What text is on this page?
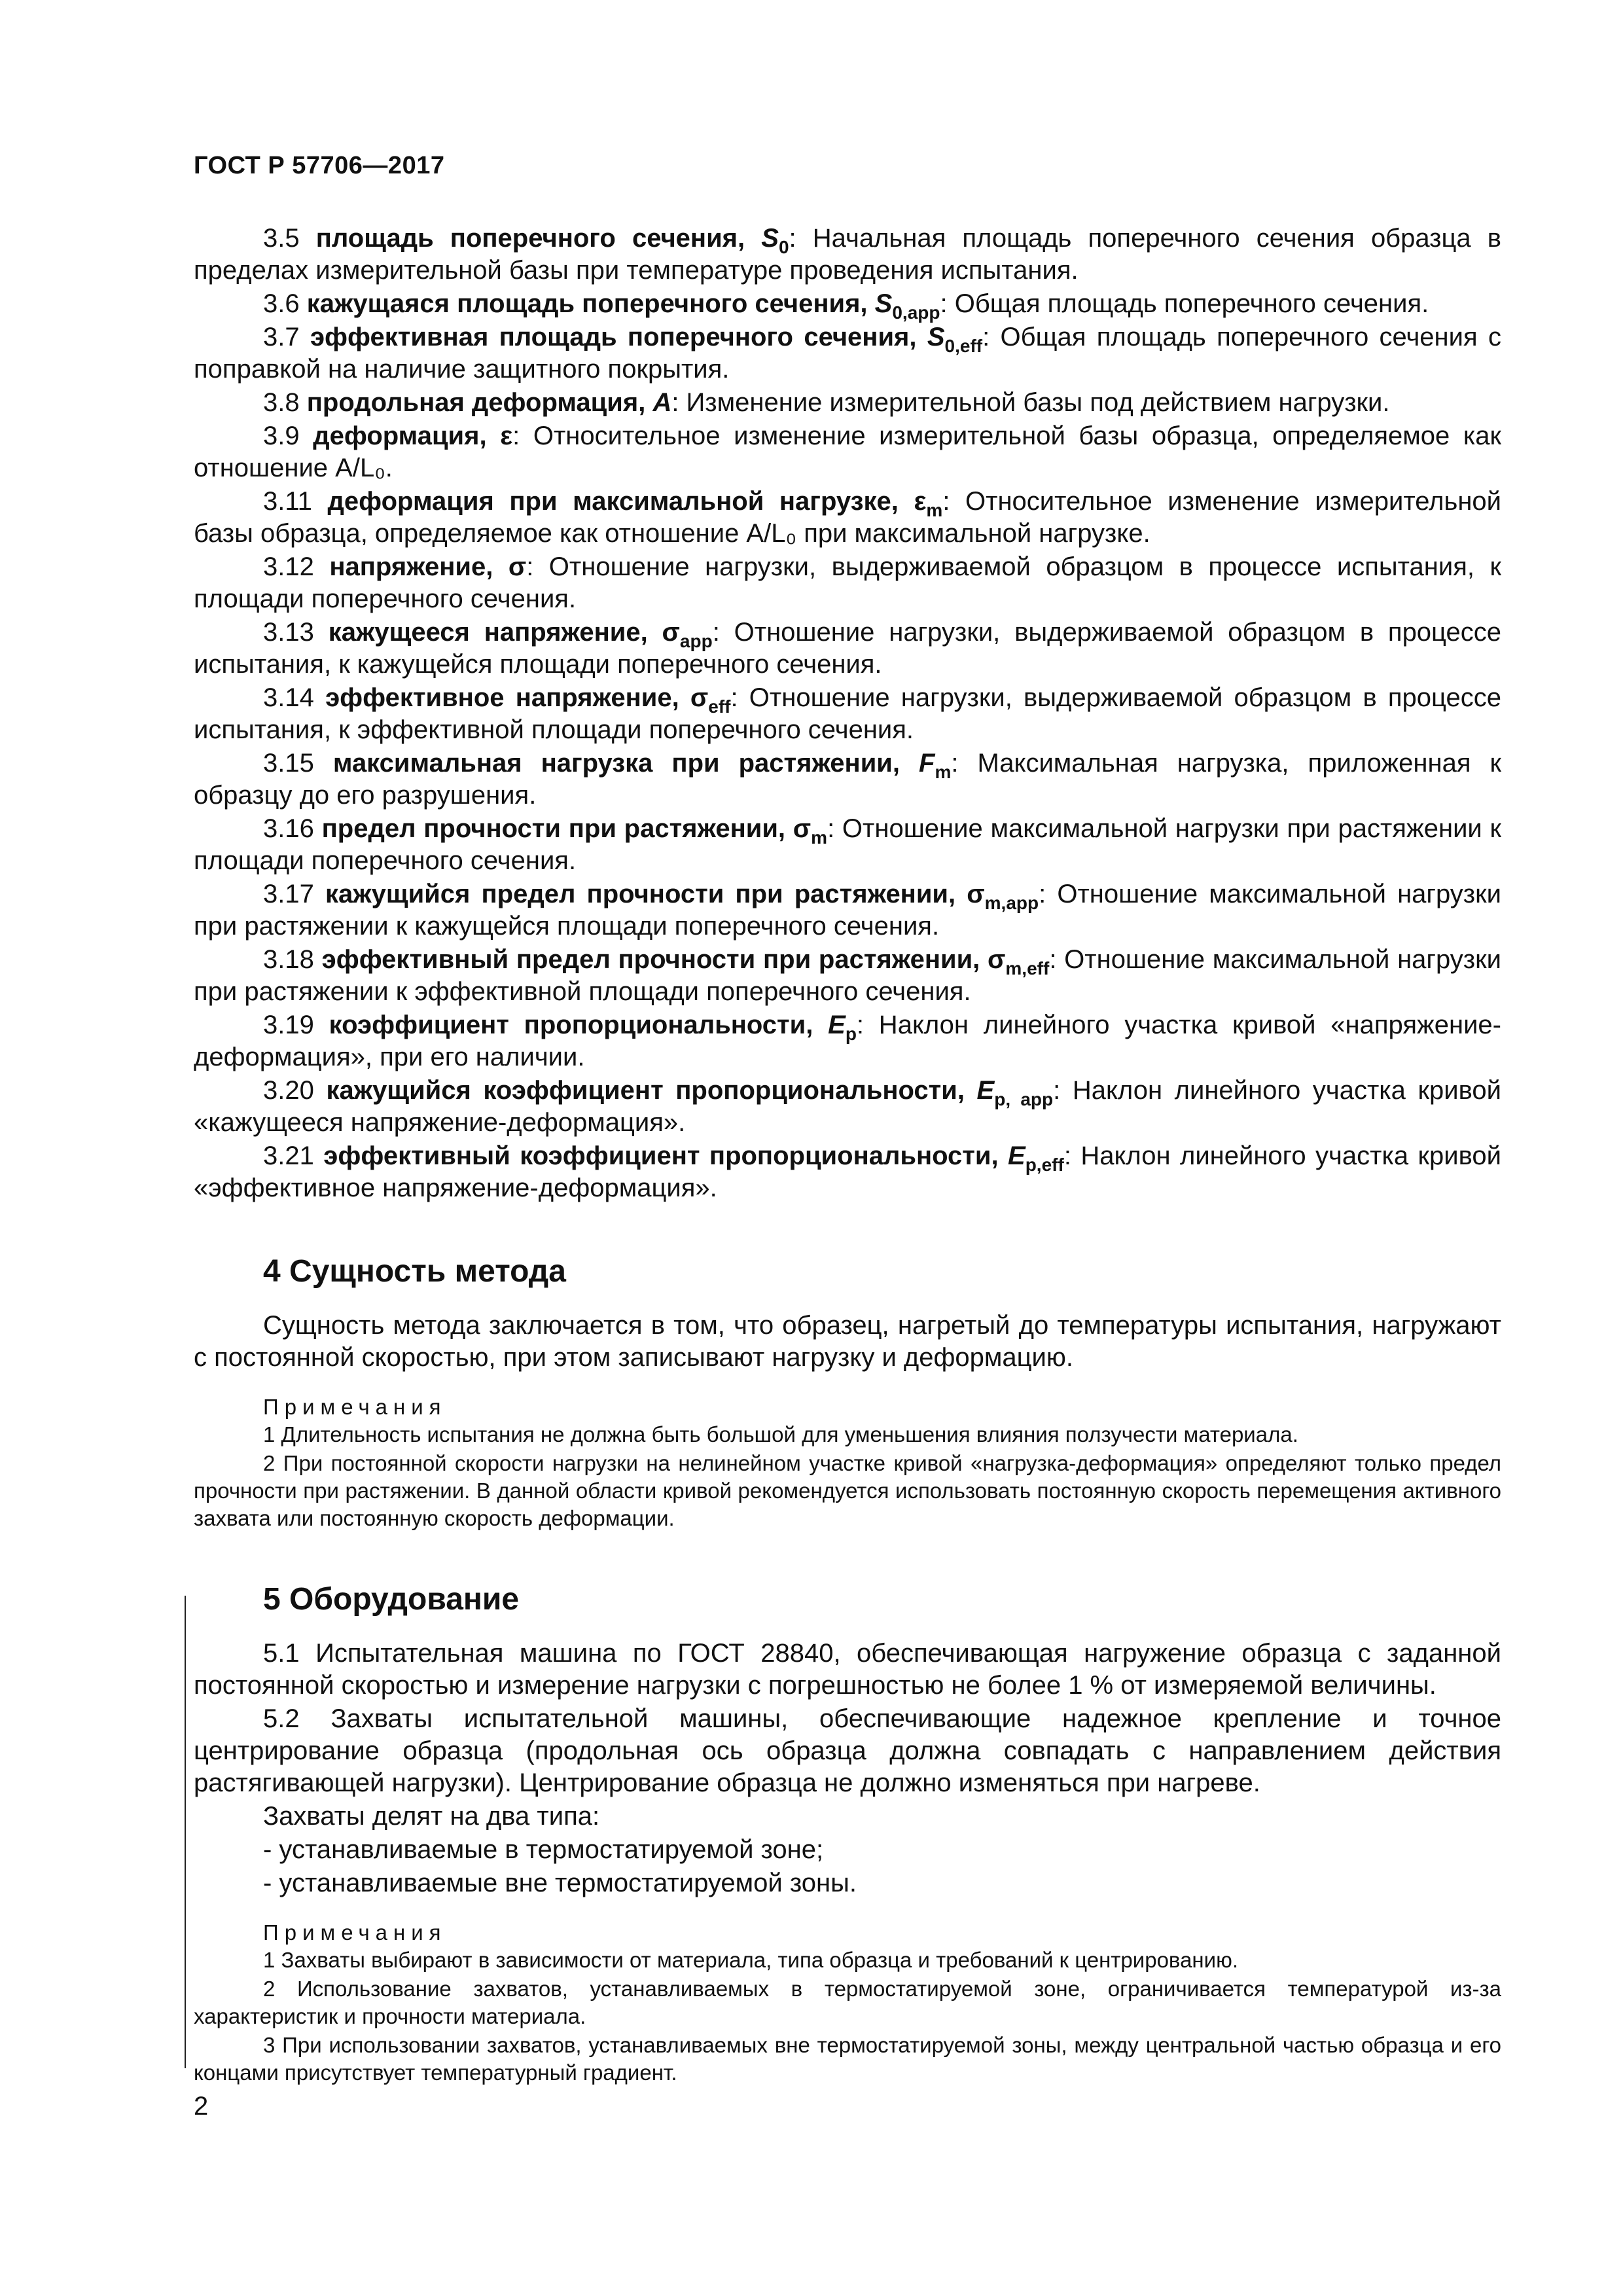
ГОСТ Р 57706—2017

3.5 площадь поперечного сечения, $S_0$: Начальная площадь поперечного сечения образца в пределах измерительной базы при температуре проведения испытания.

3.6 кажущаяся площадь поперечного сечения, $S_{0,app}$: Общая площадь поперечного сечения.

3.7 эффективная площадь поперечного сечения, $S_{0,eff}$: Общая площадь поперечного сечения с поправкой на наличие защитного покрытия.

3.8 продольная деформация, A: Изменение измерительной базы под действием нагрузки.

3.9 деформация, ε: Относительное изменение измерительной базы образца, определяемое как отношение A/L₀.

3.11 деформация при максимальной нагрузке, $\varepsilon_m$: Относительное изменение измерительной базы образца, определяемое как отношение A/L₀ при максимальной нагрузке.

3.12 напряжение, σ: Отношение нагрузки, выдерживаемой образцом в процессе испытания, к площади поперечного сечения.

3.13 кажущееся напряжение, $\sigma_{app}$: Отношение нагрузки, выдерживаемой образцом в процессе испытания, к кажущейся площади поперечного сечения.

3.14 эффективное напряжение, $\sigma_{eff}$: Отношение нагрузки, выдерживаемой образцом в процессе испытания, к эффективной площади поперечного сечения.

3.15 максимальная нагрузка при растяжении, $F_m$: Максимальная нагрузка, приложенная к образцу до его разрушения.

3.16 предел прочности при растяжении, $\sigma_m$: Отношение максимальной нагрузки при растяжении к площади поперечного сечения.

3.17 кажущийся предел прочности при растяжении, $\sigma_{m,app}$: Отношение максимальной нагрузки при растяжении к кажущейся площади поперечного сечения.

3.18 эффективный предел прочности при растяжении, $\sigma_{m,eff}$: Отношение максимальной нагрузки при растяжении к эффективной площади поперечного сечения.

3.19 коэффициент пропорциональности, $E_p$: Наклон линейного участка кривой «напряжение-деформация», при его наличии.

3.20 кажущийся коэффициент пропорциональности, $E_{p, app}$: Наклон линейного участка кривой «кажущееся напряжение-деформация».

3.21 эффективный коэффициент пропорциональности, $E_{p,eff}$: Наклон линейного участка кривой «эффективное напряжение-деформация».

4 Сущность метода

Сущность метода заключается в том, что образец, нагретый до температуры испытания, нагружают с постоянной скоростью, при этом записывают нагрузку и деформацию.

Примечания

1 Длительность испытания не должна быть большой для уменьшения влияния ползучести материала.

2 При постоянной скорости нагрузки на нелинейном участке кривой «нагрузка-деформация» определяют только предел прочности при растяжении. В данной области кривой рекомендуется использовать постоянную скорость перемещения активного захвата или постоянную скорость деформации.

5 Оборудование

5.1 Испытательная машина по ГОСТ 28840, обеспечивающая нагружение образца с заданной постоянной скоростью и измерение нагрузки с погрешностью не более 1 % от измеряемой величины.

5.2 Захваты испытательной машины, обеспечивающие надежное крепление и точное центрирование образца (продольная ось образца должна совпадать с направлением действия растягивающей нагрузки). Центрирование образца не должно изменяться при нагреве.

Захваты делят на два типа:

- устанавливаемые в термостатируемой зоне;

- устанавливаемые вне термостатируемой зоны.

Примечания

1 Захваты выбирают в зависимости от материала, типа образца и требований к центрированию.

2 Использование захватов, устанавливаемых в термостатируемой зоне, ограничивается температурой из-за характеристик и прочности материала.

3 При использовании захватов, устанавливаемых вне термостатируемой зоны, между центральной частью образца и его концами присутствует температурный градиент.

2
